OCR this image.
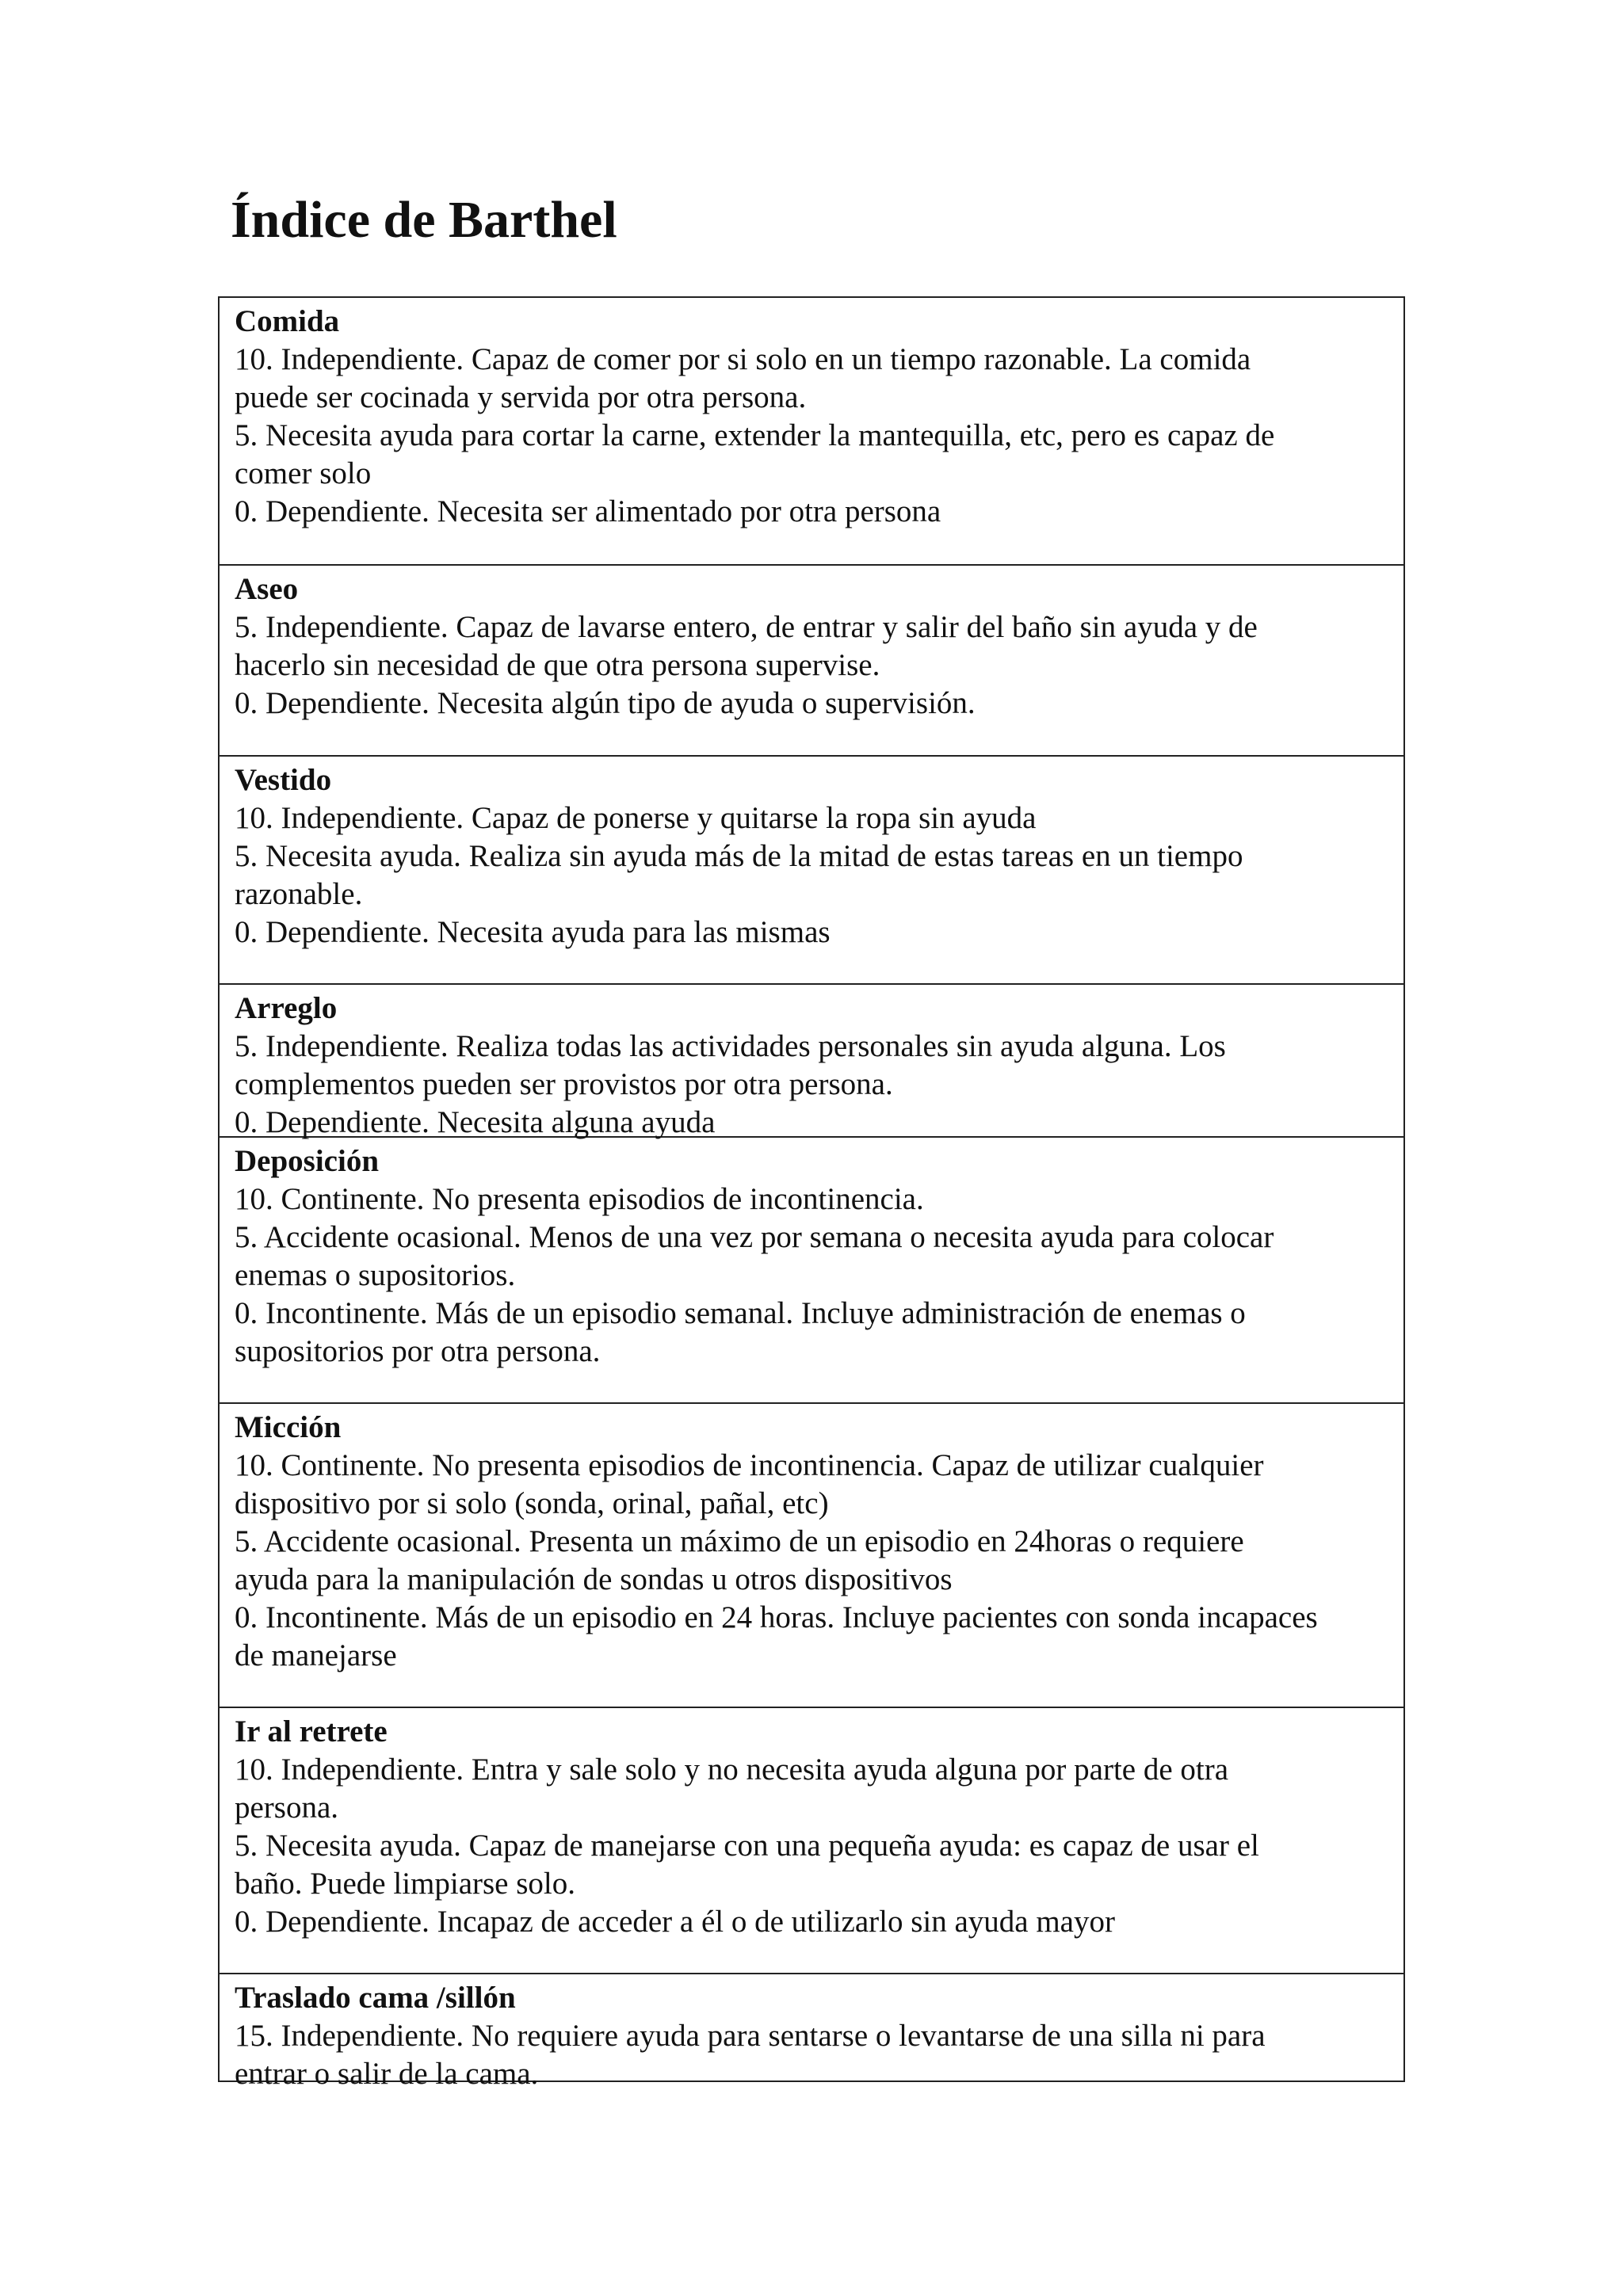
Índice de Barthel

Comida

10. Independiente. Capaz de comer por si solo en un tiempo razonable. La comida

puede ser cocinada y servida por otra persona.

5. Necesita ayuda para cortar la carne, extender la mantequilla, etc, pero es capaz de

comer solo

0. Dependiente. Necesita ser alimentado por otra persona

Aseo

5. Independiente. Capaz de lavarse entero, de entrar y salir del baño sin ayuda y de

hacerlo sin necesidad de que otra persona supervise.

0. Dependiente. Necesita algún tipo de ayuda o supervisión.

Vestido

10. Independiente. Capaz de ponerse y quitarse la ropa sin ayuda

5. Necesita ayuda. Realiza sin ayuda más de la mitad de estas tareas en un tiempo

razonable.

0. Dependiente. Necesita ayuda para las mismas

Arreglo

5. Independiente. Realiza todas las actividades personales sin ayuda alguna. Los

complementos pueden ser provistos por otra persona.

0. Dependiente. Necesita alguna ayuda

Deposición

10. Continente. No presenta episodios de incontinencia.

5. Accidente ocasional. Menos de una vez por semana o necesita ayuda para colocar

enemas o supositorios.

0. Incontinente. Más de un episodio semanal. Incluye administración de enemas o

supositorios por otra persona.

Micción

10. Continente. No presenta episodios de incontinencia. Capaz de utilizar cualquier

dispositivo por si solo (sonda, orinal, pañal, etc)

5. Accidente ocasional. Presenta un máximo de un episodio en 24horas o requiere

ayuda para la manipulación de sondas u otros dispositivos

0. Incontinente. Más de un episodio en 24 horas. Incluye pacientes con sonda incapaces

de manejarse

Ir al retrete

10. Independiente. Entra y sale solo y no necesita ayuda alguna por parte de otra

persona.

5. Necesita ayuda. Capaz de manejarse con una pequeña ayuda: es capaz de usar el

baño. Puede limpiarse solo.

0. Dependiente. Incapaz de acceder a él o de utilizarlo sin ayuda mayor

Traslado cama /sillón

15. Independiente. No requiere ayuda para sentarse o levantarse de una silla ni para

entrar o salir de la cama.
